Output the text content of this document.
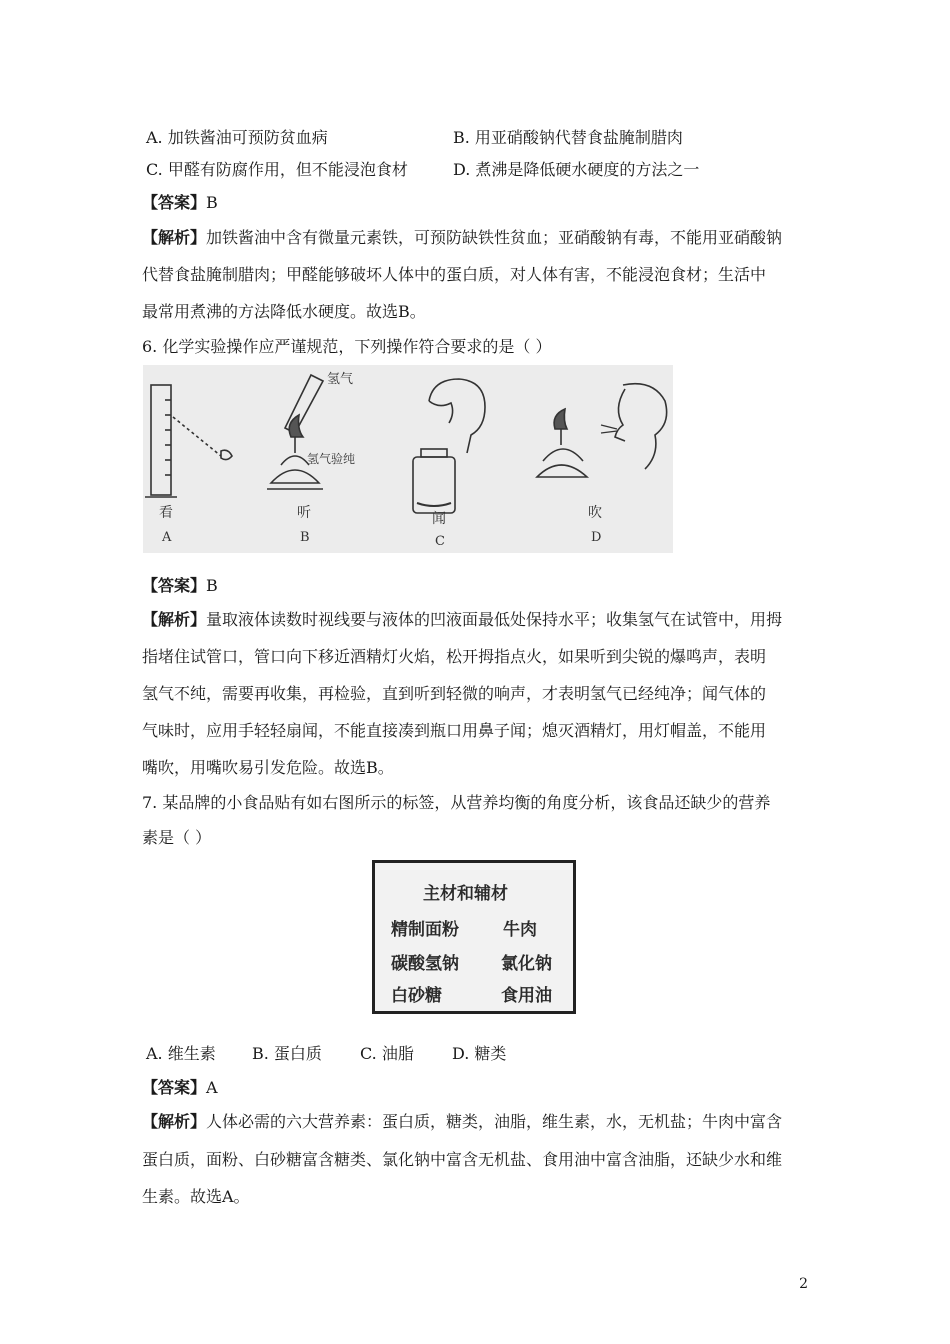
A. 加铁酱油可预防贫血病	B. 用亚硝酸钠代替食盐腌制腊肉
C. 甲醛有防腐作用，但不能浸泡食材	D. 煮沸是降低硬水硬度的方法之一
【答案】B
【解析】加铁酱油中含有微量元素铁，可预防缺铁性贫血；亚硝酸钠有毒，不能用亚硝酸钠
代替食盐腌制腊肉；甲醛能够破坏人体中的蛋白质，对人体有害，不能浸泡食材；生活中
最常用煮沸的方法降低水硬度。故选B。
6. 化学实验操作应严谨规范，下列操作符合要求的是（ ）
氢气
氢气验纯
看
A
听
B
闻
C
吹
D
【答案】B
【解析】量取液体读数时视线要与液体的凹液面最低处保持水平；收集氢气在试管中，用拇
指堵住试管口，管口向下移近酒精灯火焰，松开拇指点火，如果听到尖锐的爆鸣声，表明
氢气不纯，需要再收集，再检验，直到听到轻微的响声，才表明氢气已经纯净；闻气体的
气味时，应用手轻轻扇闻，不能直接凑到瓶口用鼻子闻；熄灭酒精灯，用灯帽盖，不能用
嘴吹，用嘴吹易引发危险。故选B。
7. 某品牌的小食品贴有如右图所示的标签，从营养均衡的角度分析，该食品还缺少的营养
素是（ ）
主材和辅材
精制面粉	牛肉
碳酸氢钠 氯化钠
白砂糖	食用油
A. 维生素 B. 蛋白质 C. 油脂 D. 糖类
【答案】A
【解析】人体必需的六大营养素：蛋白质，糖类，油脂，维生素，水，无机盐；牛肉中富含
蛋白质，面粉、白砂糖富含糖类、氯化钠中富含无机盐、食用油中富含油脂，还缺少水和维
生素。故选A。
2
